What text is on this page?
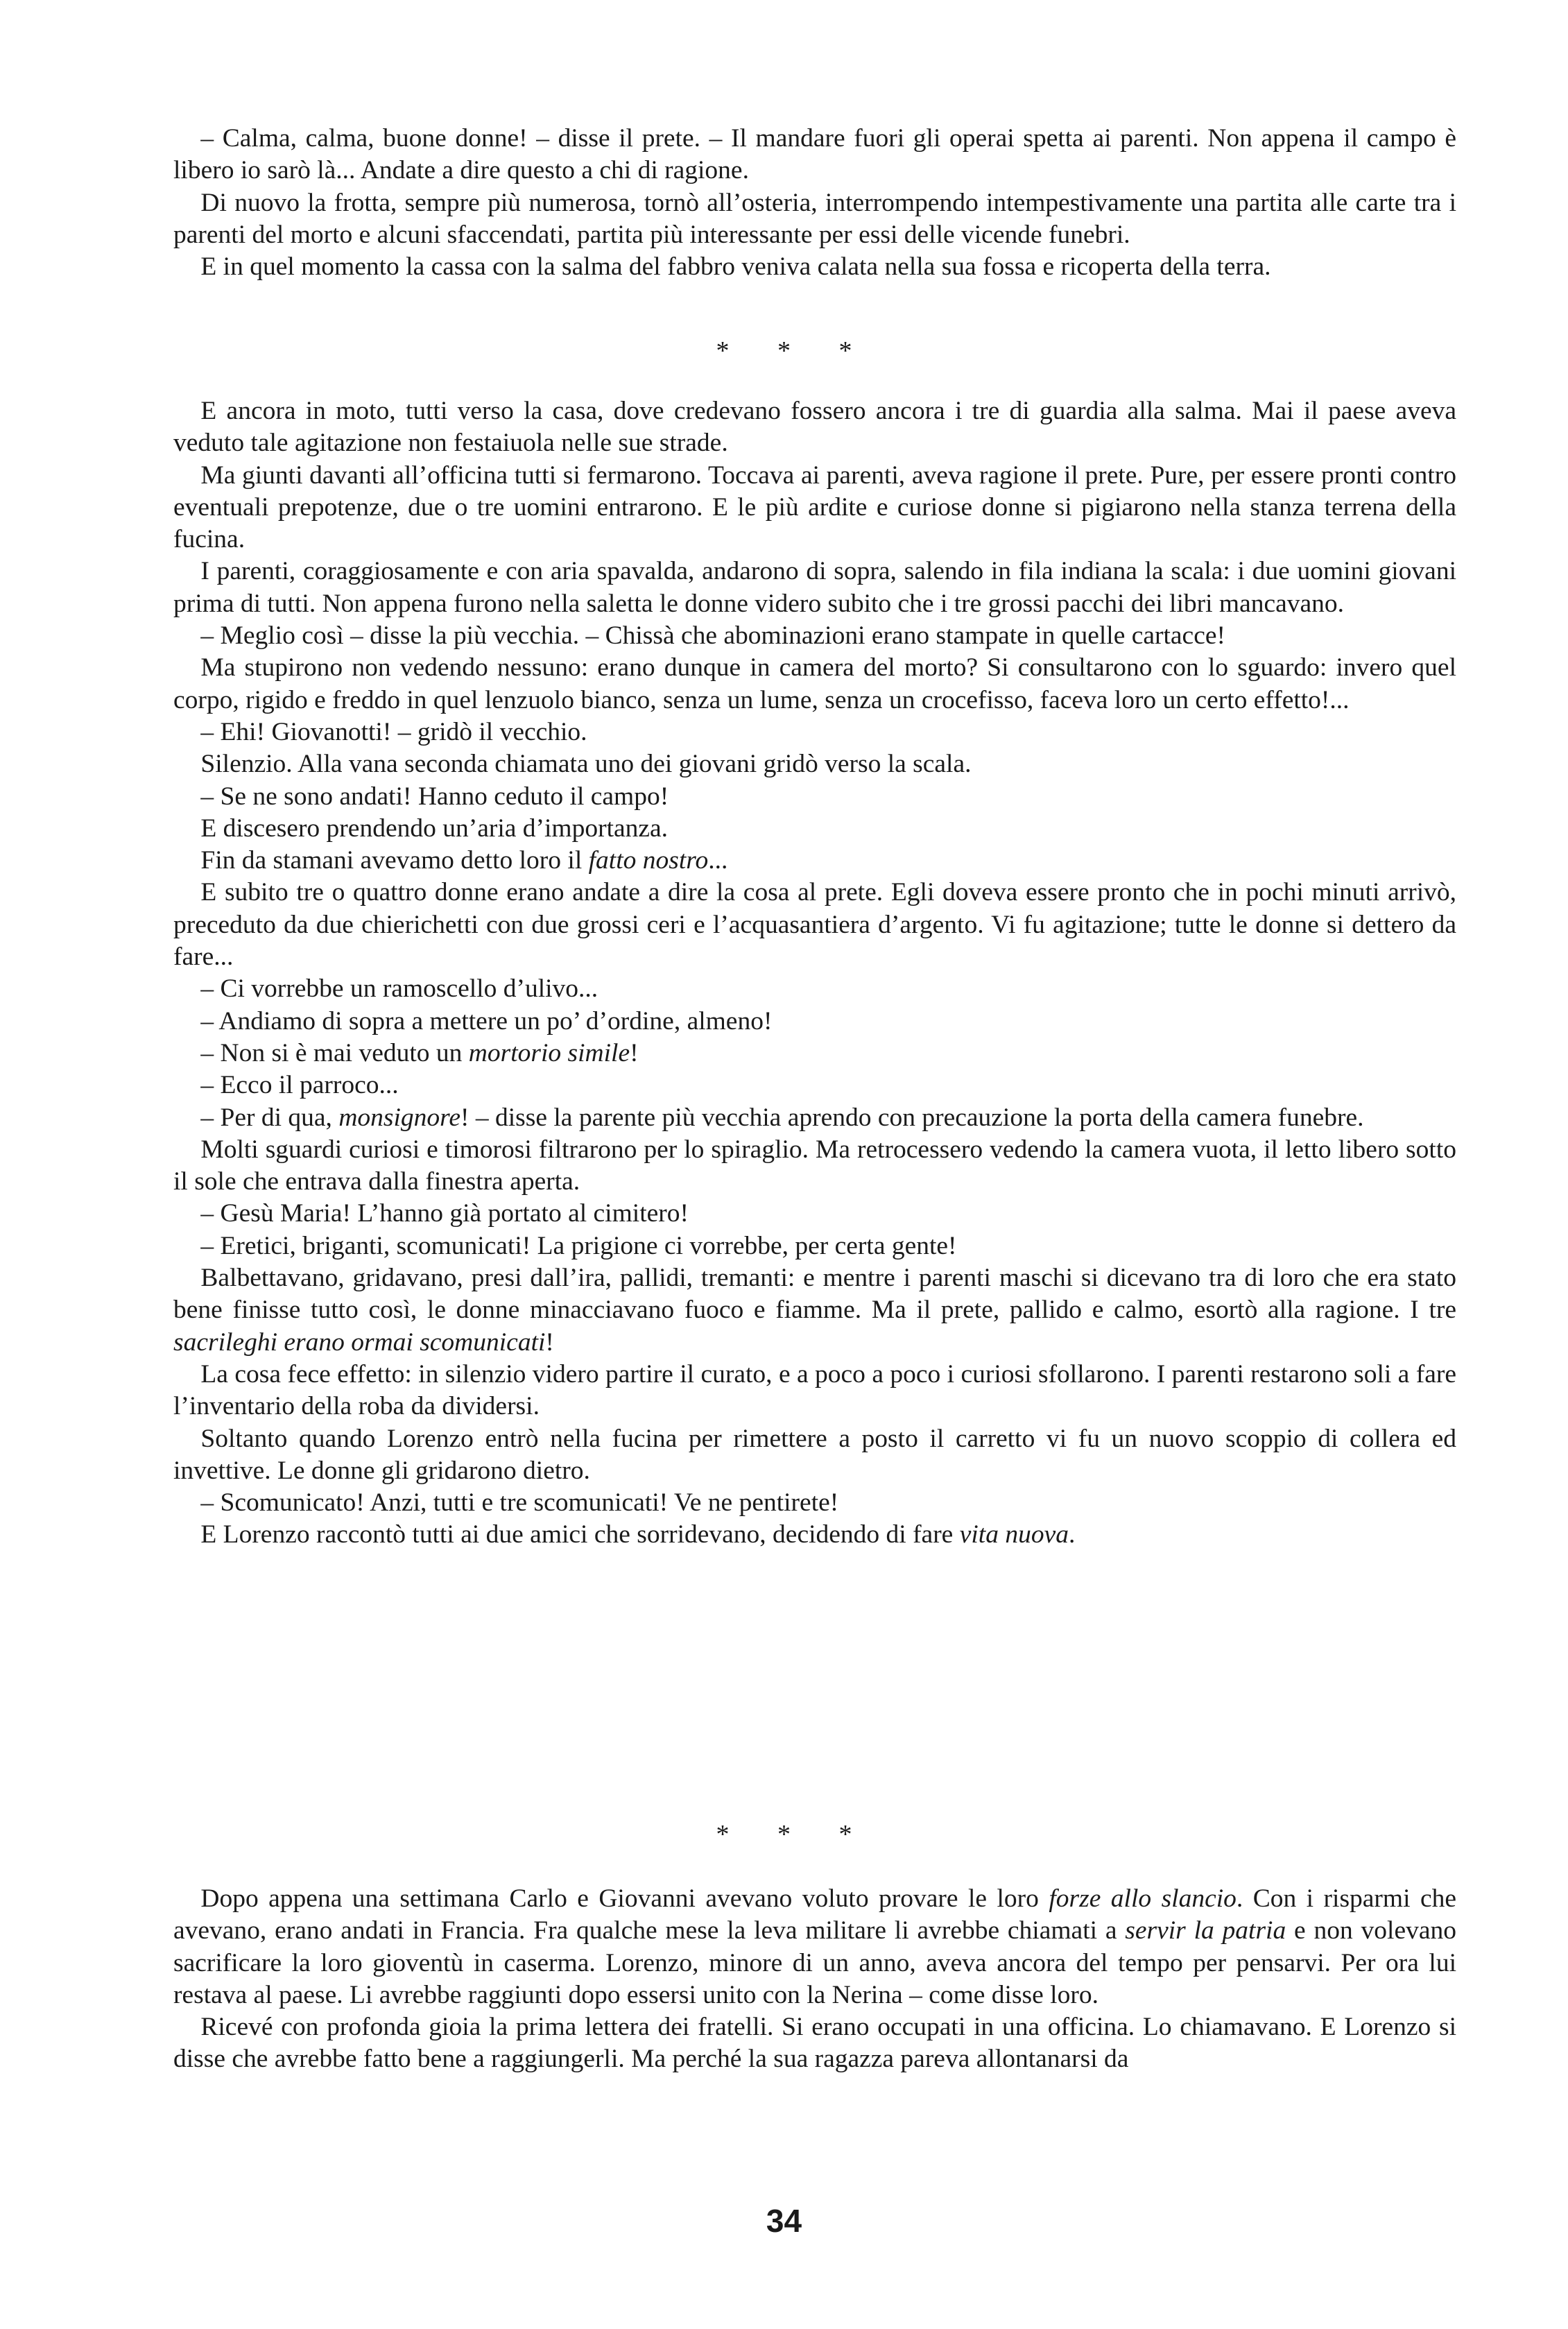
– Calma, calma, buone donne! – disse il prete. – Il mandare fuori gli operai spetta ai parenti. Non appena il campo è libero io sarò là... Andate a dire questo a chi di ragione.

Di nuovo la frotta, sempre più numerosa, tornò all’osteria, interrompendo intempestivamente una partita alle carte tra i parenti del morto e alcuni sfaccendati, partita più interessante per essi delle vicende funebri.

E in quel momento la cassa con la salma del fabbro veniva calata nella sua fossa e ricoperta della terra.

* * *

E ancora in moto, tutti verso la casa, dove credevano fossero ancora i tre di guardia alla salma. Mai il paese aveva veduto tale agitazione non festaiuola nelle sue strade.

Ma giunti davanti all’officina tutti si fermarono. Toccava ai parenti, aveva ragione il prete. Pure, per essere pronti contro eventuali prepotenze, due o tre uomini entrarono. E le più ardite e curiose donne si pigiarono nella stanza terrena della fucina.

I parenti, coraggiosamente e con aria spavalda, andarono di sopra, salendo in fila indiana la scala: i due uomini giovani prima di tutti. Non appena furono nella saletta le donne videro subito che i tre grossi pacchi dei libri mancavano.

– Meglio così – disse la più vecchia. – Chissà che abominazioni erano stampate in quelle cartacce!

Ma stupirono non vedendo nessuno: erano dunque in camera del morto? Si consultarono con lo sguardo: invero quel corpo, rigido e freddo in quel lenzuolo bianco, senza un lume, senza un crocefisso, faceva loro un certo effetto!...

– Ehi! Giovanotti! – gridò il vecchio.

Silenzio. Alla vana seconda chiamata uno dei giovani gridò verso la scala.

– Se ne sono andati! Hanno ceduto il campo!

E discesero prendendo un’aria d’importanza.

Fin da stamani avevamo detto loro il fatto nostro...

E subito tre o quattro donne erano andate a dire la cosa al prete. Egli doveva essere pronto che in pochi minuti arrivò, preceduto da due chierichetti con due grossi ceri e l’acquasantiera d’argento. Vi fu agitazione; tutte le donne si dettero da fare...

– Ci vorrebbe un ramoscello d’ulivo...

– Andiamo di sopra a mettere un po’ d’ordine, almeno!

– Non si è mai veduto un mortorio simile!

– Ecco il parroco...

– Per di qua, monsignore! – disse la parente più vecchia aprendo con precauzione la porta della camera funebre.

Molti sguardi curiosi e timorosi filtrarono per lo spiraglio. Ma retrocessero vedendo la camera vuota, il letto libero sotto il sole che entrava dalla finestra aperta.

– Gesù Maria! L’hanno già portato al cimitero!

– Eretici, briganti, scomunicati! La prigione ci vorrebbe, per certa gente!

Balbettavano, gridavano, presi dall’ira, pallidi, tremanti: e mentre i parenti maschi si dicevano tra di loro che era stato bene finisse tutto così, le donne minacciavano fuoco e fiamme. Ma il prete, pallido e calmo, esortò alla ragione. I tre sacrileghi erano ormai scomunicati!

La cosa fece effetto: in silenzio videro partire il curato, e a poco a poco i curiosi sfollarono. I parenti restarono soli a fare l’inventario della roba da dividersi.

Soltanto quando Lorenzo entrò nella fucina per rimettere a posto il carretto vi fu un nuovo scoppio di collera ed invettive. Le donne gli gridarono dietro.

– Scomunicato! Anzi, tutti e tre scomunicati! Ve ne pentirete!

E Lorenzo raccontò tutti ai due amici che sorridevano, decidendo di fare vita nuova.

* * *

Dopo appena una settimana Carlo e Giovanni avevano voluto provare le loro forze allo slancio. Con i risparmi che avevano, erano andati in Francia. Fra qualche mese la leva militare li avrebbe chiamati a servir la patria e non volevano sacrificare la loro gioventù in caserma. Lorenzo, minore di un anno, aveva ancora del tempo per pensarvi. Per ora lui restava al paese. Li avrebbe raggiunti dopo essersi unito con la Nerina – come disse loro.

Ricevé con profonda gioia la prima lettera dei fratelli. Si erano occupati in una officina. Lo chiamavano. E Lorenzo si disse che avrebbe fatto bene a raggiungerli. Ma perché la sua ragazza pareva allontanarsi da

34
